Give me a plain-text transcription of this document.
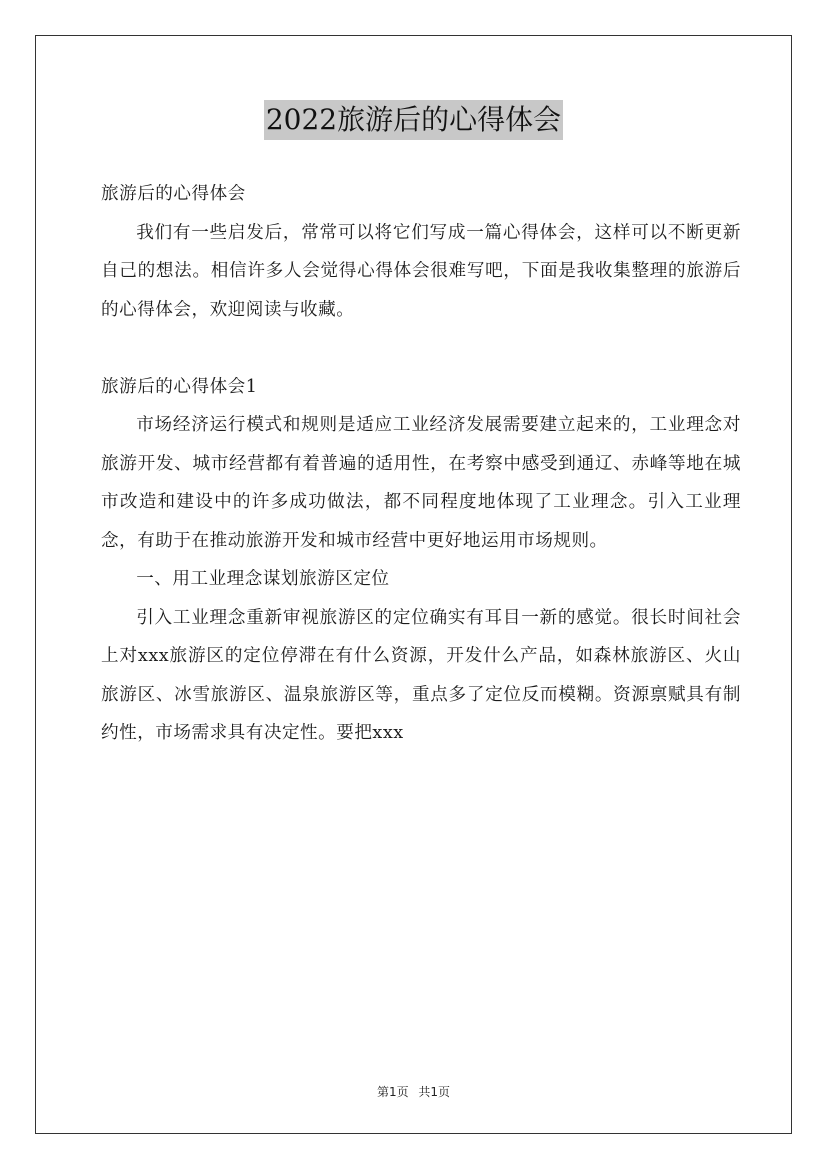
2022旅游后的心得体会

旅游后的心得体会

我们有一些启发后，常常可以将它们写成一篇心得体会，这样可以不断更新自己的想法。相信许多人会觉得心得体会很难写吧，下面是我收集整理的旅游后的心得体会，欢迎阅读与收藏。

旅游后的心得体会1

市场经济运行模式和规则是适应工业经济发展需要建立起来的，工业理念对旅游开发、城市经营都有着普遍的适用性，在考察中感受到通辽、赤峰等地在城市改造和建设中的许多成功做法，都不同程度地体现了工业理念。引入工业理念，有助于在推动旅游开发和城市经营中更好地运用市场规则。

一、用工业理念谋划旅游区定位

引入工业理念重新审视旅游区的定位确实有耳目一新的感觉。很长时间社会上对xxx旅游区的定位停滞在有什么资源，开发什么产品，如森林旅游区、火山旅游区、冰雪旅游区、温泉旅游区等，重点多了定位反而模糊。资源禀赋具有制约性，市场需求具有决定性。要把xxx

第1页 共1页
